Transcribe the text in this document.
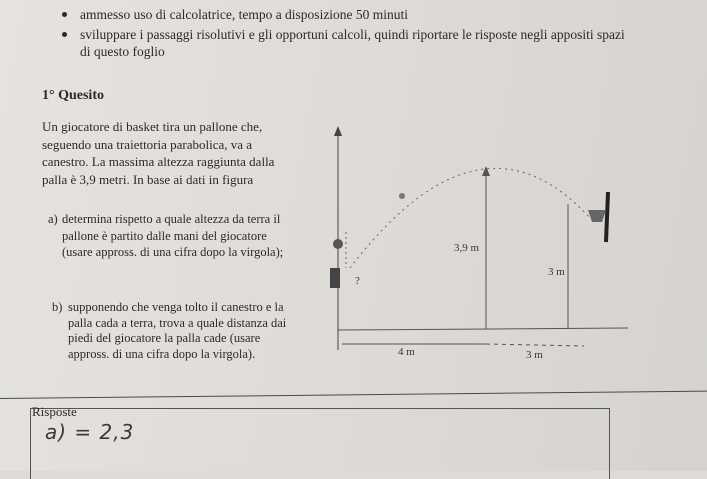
ammesso uso di calcolatrice, tempo a disposizione 50 minuti
sviluppare i passaggi risolutivi e gli opportuni calcoli, quindi riportare le risposte negli appositi spazi
di questo foglio
1° Quesito
Un giocatore di basket tira un pallone che, seguendo una traiettoria parabolica, va a canestro. La massima altezza raggiunta dalla palla è 3,9 metri. In base ai dati in figura
a) determina rispetto a quale altezza da terra il pallone è partito dalle mani del giocatore (usare appross. di una cifra dopo la virgola);
b) supponendo che venga tolto il canestro e la palla cada a terra, trova a quale distanza dai piedi del giocatore la palla cade (usare appross. di una cifra dopo la virgola).
3,9 m
3 m
?
4 m	3 m
Risposte
a) = 2,3
